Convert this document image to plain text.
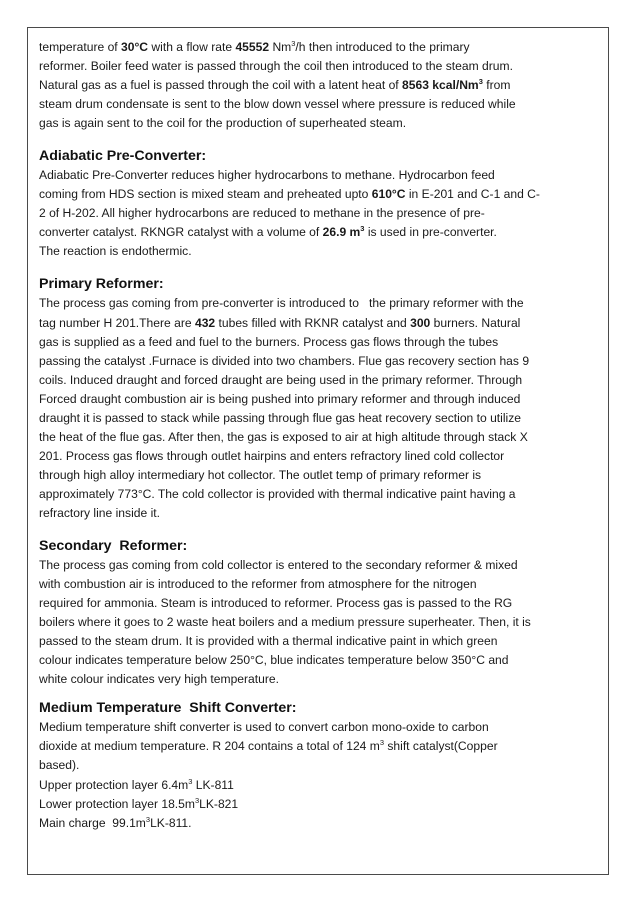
temperature of 30°C with a flow rate 45552 Nm$^3$/h then introduced to the primary

reformer. Boiler feed water is passed through the coil then introduced to the steam drum.

Natural gas as a fuel is passed through the coil with a latent heat of 8563 kcal/Nm$^3$ from

steam drum condensate is sent to the blow down vessel where pressure is reduced while

gas is again sent to the coil for the production of superheated steam.

Adiabatic Pre-Converter:

Adiabatic Pre-Converter reduces higher hydrocarbons to methane. Hydrocarbon feed

coming from HDS section is mixed steam and preheated upto 610°C in E-201 and C-1 and C-

2 of H-202. All higher hydrocarbons are reduced to methane in the presence of pre-

converter catalyst. RKNGR catalyst with a volume of 26.9 $m^3$ is used in pre-converter.

The reaction is endothermic.

Primary Reformer:

The process gas coming from pre-converter is introduced to   the primary reformer with the

tag number H 201.There are 432 tubes filled with RKNR catalyst and 300 burners. Natural

gas is supplied as a feed and fuel to the burners. Process gas flows through the tubes

passing the catalyst .Furnace is divided into two chambers. Flue gas recovery section has 9

coils. Induced draught and forced draught are being used in the primary reformer. Through

Forced draught combustion air is being pushed into primary reformer and through induced

draught it is passed to stack while passing through flue gas heat recovery section to utilize

the heat of the flue gas. After then, the gas is exposed to air at high altitude through stack X

201. Process gas flows through outlet hairpins and enters refractory lined cold collector

through high alloy intermediary hot collector. The outlet temp of primary reformer is

approximately 773°C. The cold collector is provided with thermal indicative paint having a

refractory line inside it.

Secondary  Reformer:

The process gas coming from cold collector is entered to the secondary reformer & mixed

with combustion air is introduced to the reformer from atmosphere for the nitrogen

required for ammonia. Steam is introduced to reformer. Process gas is passed to the RG

boilers where it goes to 2 waste heat boilers and a medium pressure superheater. Then, it is

passed to the steam drum. It is provided with a thermal indicative paint in which green

colour indicates temperature below 250°C, blue indicates temperature below 350°C and

white colour indicates very high temperature.

Medium Temperature  Shift Converter:

Medium temperature shift converter is used to convert carbon mono-oxide to carbon

dioxide at medium temperature. R 204 contains a total of 124 $m^3$ shift catalyst(Copper

based).

Upper protection layer $6.4m^3$ LK-811

Lower protection layer $18.5m^3LK-821$

Main charge  $99.1m^3LK-811$.
